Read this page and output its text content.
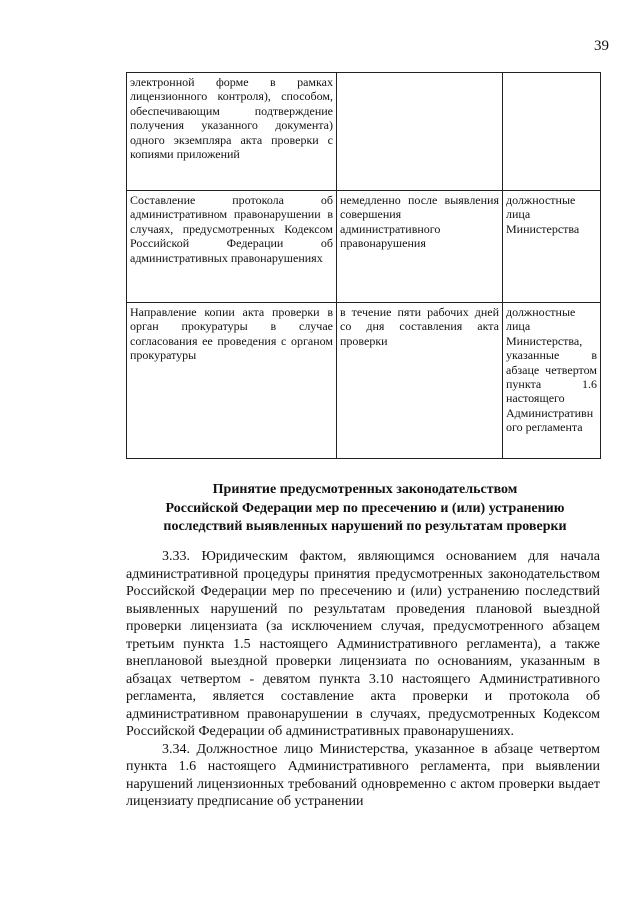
39
электронной форме в рамках лицензионного контроля), способом, обеспечивающим подтверждение получения указанного документа) одного экземпляра акта проверки с копиями приложений		
Составление протокола об административном правонарушении в случаях, предусмотренных Кодексом Российской Федерации об административных правонарушениях	немедленно после выявления совершения административного правонарушения	должностные лица Министерства
Направление копии акта проверки в орган прокуратуры в случае согласования ее проведения с органом прокуратуры	в течение пяти рабочих дней со дня составления акта проверки	должностные лица Министерства, указанные в абзаце четвертом пункта 1.6 настоящего Административного регламента
Принятие предусмотренных законодательством
Российской Федерации мер по пресечению и (или) устранению
последствий выявленных нарушений по результатам проверки

3.33. Юридическим фактом, являющимся основанием для начала административной процедуры принятия предусмотренных законодательством Российской Федерации мер по пресечению и (или) устранению последствий выявленных нарушений по результатам проведения плановой выездной проверки лицензиата (за исключением случая, предусмотренного абзацем третьим пункта 1.5 настоящего Административного регламента), а также внеплановой выездной проверки лицензиата по основаниям, указанным в абзацах четвертом - девятом пункта 3.10 настоящего Административного регламента, является составление акта проверки и протокола об административном правонарушении в случаях, предусмотренных Кодексом Российской Федерации об административных правонарушениях.

3.34. Должностное лицо Министерства, указанное в абзаце четвертом пункта 1.6 настоящего Административного регламента, при выявлении нарушений лицензионных требований одновременно с актом проверки выдает лицензиату предписание об устранении
